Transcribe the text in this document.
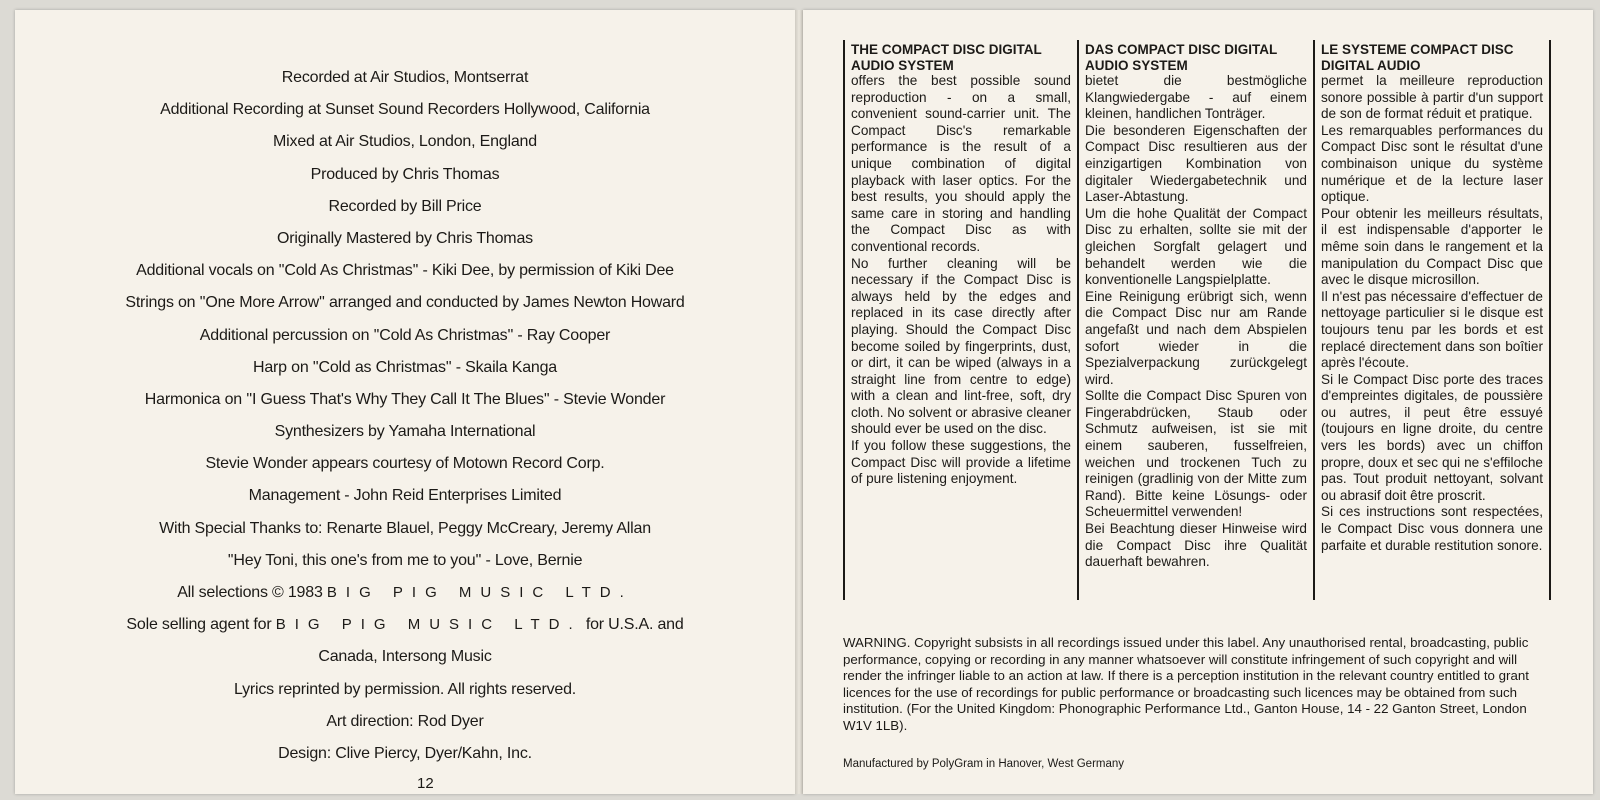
Recorded at Air Studios, Montserrat
Additional Recording at Sunset Sound Recorders Hollywood, California
Mixed at Air Studios, London, England
Produced by Chris Thomas
Recorded by Bill Price
Originally Mastered by Chris Thomas
Additional vocals on ''Cold As Christmas'' - Kiki Dee, by permission of Kiki Dee
Strings on ''One More Arrow'' arranged and conducted by James Newton Howard
Additional percussion on ''Cold As Christmas'' - Ray Cooper
Harp on ''Cold as Christmas'' - Skaila Kanga
Harmonica on ''I Guess That's Why They Call It The Blues'' - Stevie Wonder
Synthesizers by Yamaha International
Stevie Wonder appears courtesy of Motown Record Corp.
Management - John Reid Enterprises Limited
With Special Thanks to: Renarte Blauel, Peggy McCreary, Jeremy Allan
''Hey Toni, this one's from me to you'' - Love, Bernie
All selections © 1983 BIG PIG MUSIC LTD.
Sole selling agent for BIG PIG MUSIC LTD. for U.S.A. and
Canada, Intersong Music
Lyrics reprinted by permission. All rights reserved.
Art direction: Rod Dyer
Design: Clive Piercy, Dyer/Kahn, Inc.
12
THE COMPACT DISC DIGITAL AUDIO SYSTEM

offers the best possible sound reproduction - on a small, convenient sound-carrier unit. The Compact Disc's remarkable performance is the result of a unique combination of digital playback with laser optics. For the best results, you should apply the same care in storing and handling the Compact Disc as with conventional records.

No further cleaning will be necessary if the Compact Disc is always held by the edges and replaced in its case directly after playing. Should the Compact Disc become soiled by fingerprints, dust, or dirt, it can be wiped (always in a straight line from centre to edge) with a clean and lint-free, soft, dry cloth. No solvent or abrasive cleaner should ever be used on the disc.

If you follow these suggestions, the Compact Disc will provide a lifetime of pure listening enjoyment.

DAS COMPACT DISC DIGITAL AUDIO SYSTEM

bietet die bestmögliche Klangwiedergabe - auf einem kleinen, handlichen Tonträger.

Die besonderen Eigenschaften der Compact Disc resultieren aus der einzigartigen Kombination von digitaler Wiedergabetechnik und Laser-Abtastung.

Um die hohe Qualität der Compact Disc zu erhalten, sollte sie mit der gleichen Sorgfalt gelagert und behandelt werden wie die konventionelle Langspielplatte.

Eine Reinigung erübrigt sich, wenn die Compact Disc nur am Rande angefaßt und nach dem Abspielen sofort wieder in die Spezialverpackung zurückgelegt wird.

Sollte die Compact Disc Spuren von Fingerabdrücken, Staub oder Schmutz aufweisen, ist sie mit einem sauberen, fusselfreien, weichen und trockenen Tuch zu reinigen (gradlinig von der Mitte zum Rand). Bitte keine Lösungs- oder Scheuermittel verwenden!

Bei Beachtung dieser Hinweise wird die Compact Disc ihre Qualität dauerhaft bewahren.

LE SYSTEME COMPACT DISC DIGITAL AUDIO

permet la meilleure reproduction sonore possible à partir d'un support de son de format réduit et pratique.

Les remarquables performances du Compact Disc sont le résultat d'une combinaison unique du système numérique et de la lecture laser optique.

Pour obtenir les meilleurs résultats, il est indispensable d'apporter le même soin dans le rangement et la manipulation du Compact Disc que avec le disque microsillon.

Il n'est pas nécessaire d'effectuer de nettoyage particulier si le disque est toujours tenu par les bords et est replacé directement dans son boîtier après l'écoute.

Si le Compact Disc porte des traces d'empreintes digitales, de poussière ou autres, il peut être essuyé (toujours en ligne droite, du centre vers les bords) avec un chiffon propre, doux et sec qui ne s'effiloche pas. Tout produit nettoyant, solvant ou abrasif doit être proscrit.

Si ces instructions sont respectées, le Compact Disc vous donnera une parfaite et durable restitution sonore.

WARNING. Copyright subsists in all recordings issued under this label. Any unauthorised rental, broadcasting, public performance, copying or recording in any manner whatsoever will constitute infringement of such copyright and will render the infringer liable to an action at law. If there is a perception institution in the relevant country entitled to grant licences for the use of recordings for public performance or broadcasting such licences may be obtained from such institution. (For the United Kingdom: Phonographic Performance Ltd., Ganton House, 14 - 22 Ganton Street, London W1V 1LB).
Manufactured by PolyGram in Hanover, West Germany
